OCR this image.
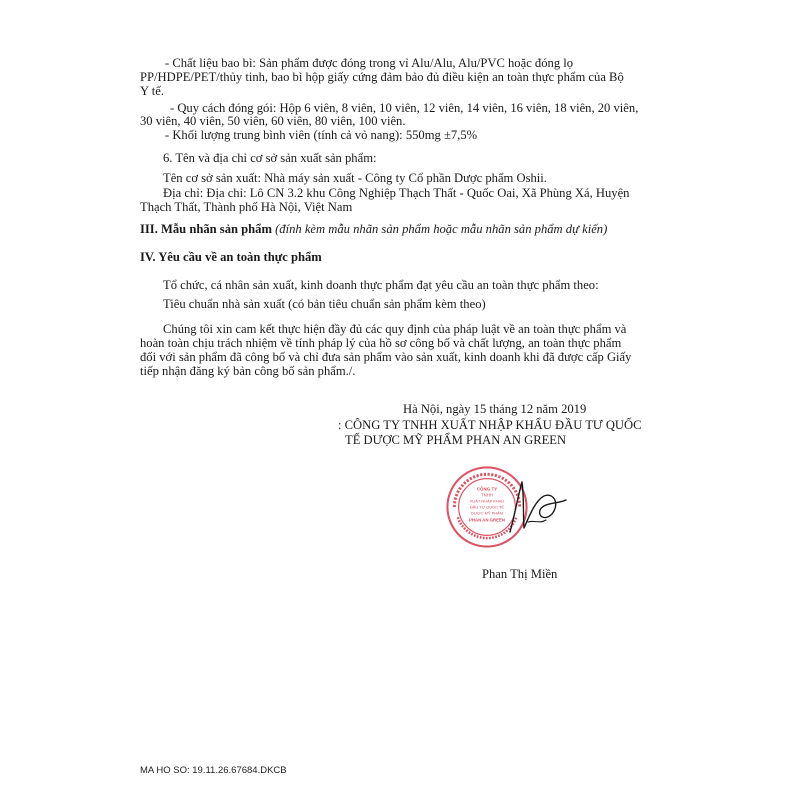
- Chất liệu bao bì: Sản phẩm được đóng trong vỉ Alu/Alu, Alu/PVC hoặc đóng lọ
PP/HDPE/PET/thủy tinh, bao bì hộp giấy cứng đảm bảo đủ điều kiện an toàn thực phẩm của Bộ
Y tế.
- Quy cách đóng gói: Hộp 6 viên, 8 viên, 10 viên, 12 viên, 14 viên, 16 viên, 18 viên, 20 viên,
30 viên, 40 viên, 50 viên, 60 viên, 80 viên, 100 viên.
- Khối lượng trung bình viên (tính cả vỏ nang): 550mg ±7,5%
6. Tên và địa chỉ cơ sở sản xuất sản phẩm:
Tên cơ sở sản xuất: Nhà máy sản xuất - Công ty Cổ phần Dược phẩm Oshii.
Địa chỉ: Địa chỉ: Lô CN 3.2 khu Công Nghiệp Thạch Thất - Quốc Oai, Xã Phùng Xá, Huyện
Thạch Thất, Thành phố Hà Nội, Việt Nam
III. Mẫu nhãn sản phẩm (đính kèm mẫu nhãn sản phẩm hoặc mẫu nhãn sản phẩm dự kiến)
IV. Yêu cầu về an toàn thực phẩm
Tổ chức, cá nhân sản xuất, kinh doanh thực phẩm đạt yêu cầu an toàn thực phẩm theo:
Tiêu chuẩn nhà sản xuất (có bản tiêu chuẩn sản phẩm kèm theo)
Chúng tôi xin cam kết thực hiện đầy đủ các quy định của pháp luật về an toàn thực phẩm và
hoàn toàn chịu trách nhiệm về tính pháp lý của hồ sơ công bố và chất lượng, an toàn thực phẩm
đối với sản phẩm đã công bố và chỉ đưa sản phẩm vào sản xuất, kinh doanh khi đã được cấp Giấy
tiếp nhận đăng ký bản công bố sản phẩm./.
Hà Nội, ngày 15 tháng 12 năm 2019
: CÔNG TY TNHH XUẤT NHẬP KHẨU ĐẦU TƯ QUỐC
TẾ DƯỢC MỸ PHẨM PHAN AN GREEN
CÔNG TY
TNHH
XUẤT NHẬP KHẨU
ĐẦU TƯ QUỐC TẾ
DƯỢC MỸ PHẨM
PHAN AN GREEN
Phan Thị Miền
MA HO SO: 19.11.26.67684.DKCB
